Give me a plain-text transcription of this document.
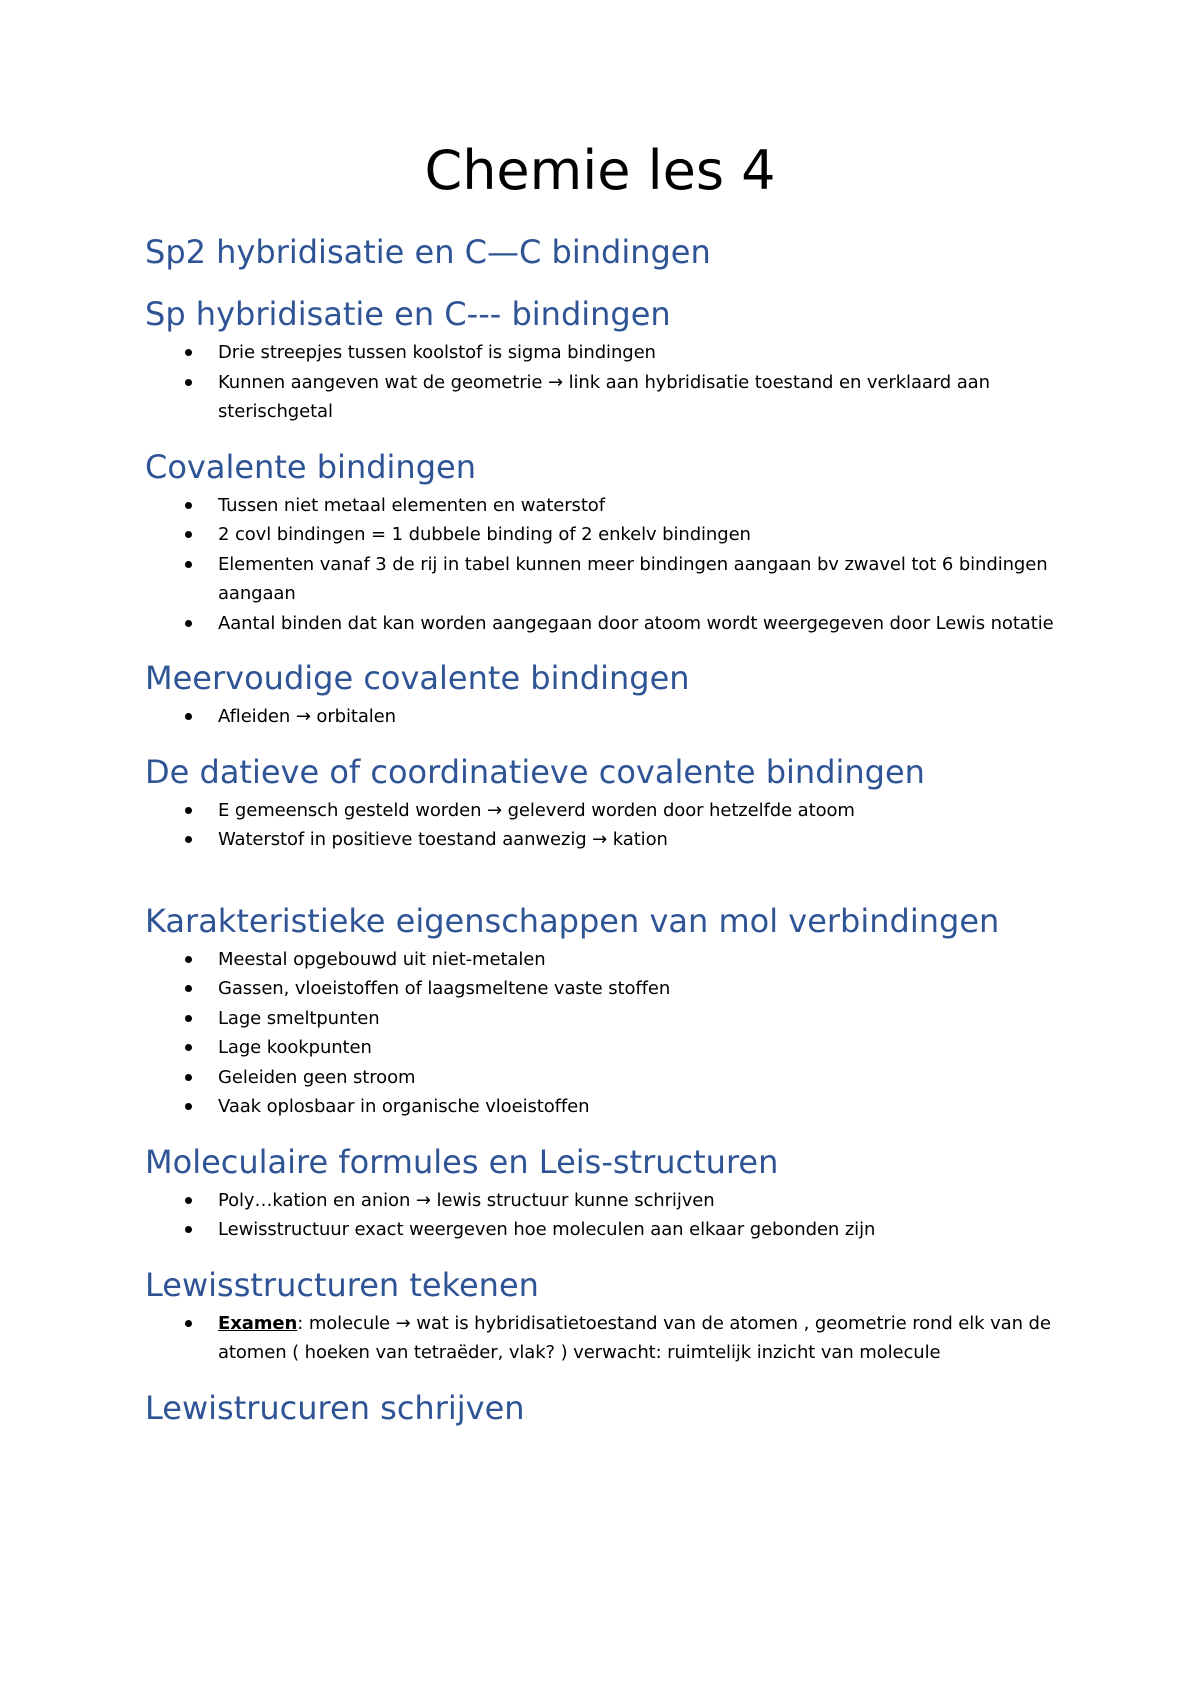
Chemie les 4
Sp2 hybridisatie en C—C bindingen
Sp hybridisatie en C--- bindingen
Drie streepjes tussen koolstof is sigma bindingen
Kunnen aangeven wat de geometrie → link aan hybridisatie toestand en verklaard aan sterischgetal
Covalente bindingen
Tussen niet metaal elementen en waterstof
2 covl bindingen = 1 dubbele binding of 2 enkelv bindingen
Elementen vanaf 3 de rij in tabel kunnen meer bindingen aangaan bv zwavel tot 6 bindingen aangaan
Aantal binden dat kan worden aangegaan door atoom wordt weergegeven door Lewis notatie
Meervoudige covalente bindingen
Afleiden → orbitalen
De datieve of coordinatieve covalente bindingen
E gemeensch gesteld worden → geleverd worden door hetzelfde atoom
Waterstof in positieve toestand aanwezig → kation
Karakteristieke eigenschappen van mol verbindingen
Meestal opgebouwd uit niet-metalen
Gassen, vloeistoffen of laagsmeltene vaste stoffen
Lage smeltpunten
Lage kookpunten
Geleiden geen stroom
Vaak oplosbaar in organische vloeistoffen
Moleculaire formules en Leis-structuren
Poly…kation en anion → lewis structuur kunne schrijven
Lewisstructuur exact weergeven hoe moleculen aan elkaar gebonden zijn
Lewisstructuren tekenen
Examen: molecule → wat is hybridisatietoestand van de atomen , geometrie rond elk van de atomen ( hoeken van tetraëder, vlak? ) verwacht: ruimtelijk inzicht van molecule
Lewistrucuren schrijven
